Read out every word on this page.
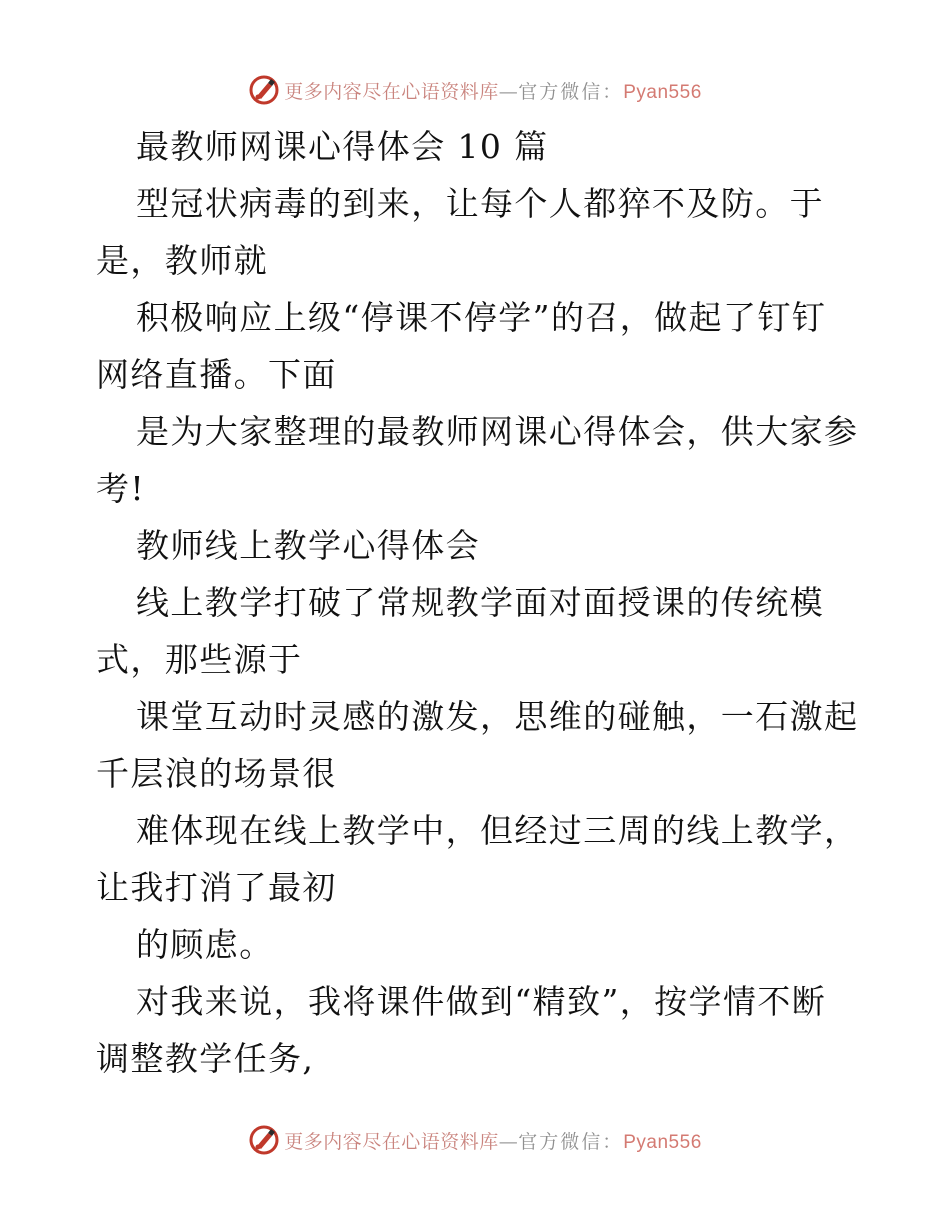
更多内容尽在心语资料库—官方微信：Pyan556
最教师网课心得体会 10 篇
型冠状病毒的到来，让每个人都猝不及防。于
是，教师就
积极响应上级“停课不停学”的召，做起了钉钉
网络直播。下面
是为大家整理的最教师网课心得体会，供大家参
考!
教师线上教学心得体会
线上教学打破了常规教学面对面授课的传统模
式，那些源于
课堂互动时灵感的激发，思维的碰触，一石激起
千层浪的场景很
难体现在线上教学中，但经过三周的线上教学，
让我打消了最初
的顾虑。
对我来说，我将课件做到“精致”，按学情不断
调整教学任务,
更多内容尽在心语资料库—官方微信：Pyan556
